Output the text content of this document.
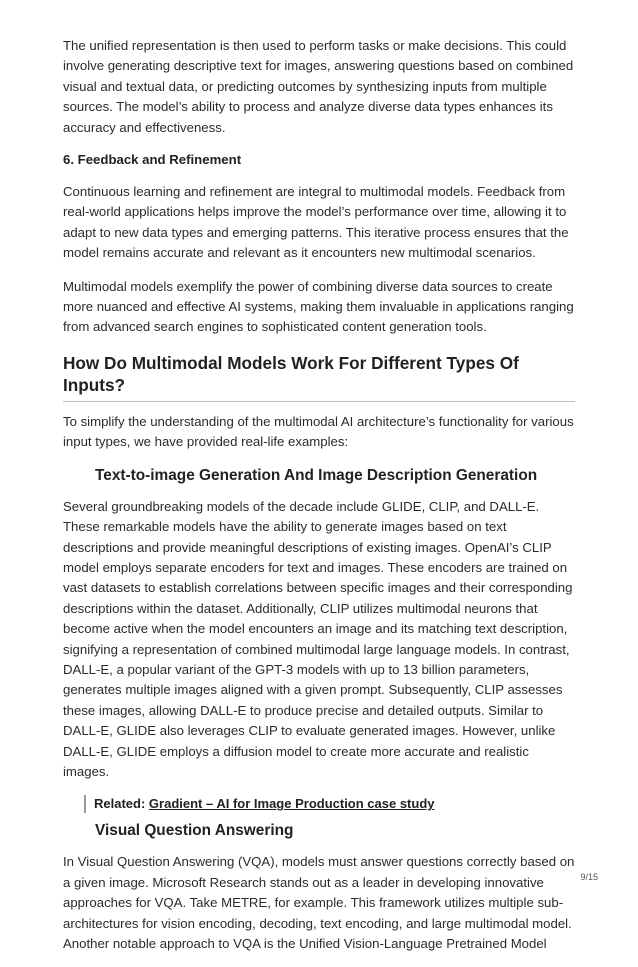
The unified representation is then used to perform tasks or make decisions. This could involve generating descriptive text for images, answering questions based on combined visual and textual data, or predicting outcomes by synthesizing inputs from multiple sources. The model’s ability to process and analyze diverse data types enhances its accuracy and effectiveness.

6. Feedback and Refinement

Continuous learning and refinement are integral to multimodal models. Feedback from real-world applications helps improve the model’s performance over time, allowing it to adapt to new data types and emerging patterns. This iterative process ensures that the model remains accurate and relevant as it encounters new multimodal scenarios.

Multimodal models exemplify the power of combining diverse data sources to create more nuanced and effective AI systems, making them invaluable in applications ranging from advanced search engines to sophisticated content generation tools.

How Do Multimodal Models Work For Different Types Of Inputs?

To simplify the understanding of the multimodal AI architecture’s functionality for various input types, we have provided real-life examples:

Text-to-image Generation And Image Description Generation

Several groundbreaking models of the decade include GLIDE, CLIP, and DALL-E. These remarkable models have the ability to generate images based on text descriptions and provide meaningful descriptions of existing images. OpenAI’s CLIP model employs separate encoders for text and images. These encoders are trained on vast datasets to establish correlations between specific images and their corresponding descriptions within the dataset. Additionally, CLIP utilizes multimodal neurons that become active when the model encounters an image and its matching text description, signifying a representation of combined multimodal large language models. In contrast, DALL-E, a popular variant of the GPT-3 models with up to 13 billion parameters, generates multiple images aligned with a given prompt. Subsequently, CLIP assesses these images, allowing DALL-E to produce precise and detailed outputs. Similar to DALL-E, GLIDE also leverages CLIP to evaluate generated images. However, unlike DALL-E, GLIDE employs a diffusion model to create more accurate and realistic images.

Related: Gradient – AI for Image Production case study
Visual Question Answering

In Visual Question Answering (VQA), models must answer questions correctly based on a given image. Microsoft Research stands out as a leader in developing innovative approaches for VQA. Take METRE, for example. This framework utilizes multiple sub-architectures for vision encoding, decoding, text encoding, and large multimodal model. Another notable approach to VQA is the Unified Vision-Language Pretrained Model

9/15
